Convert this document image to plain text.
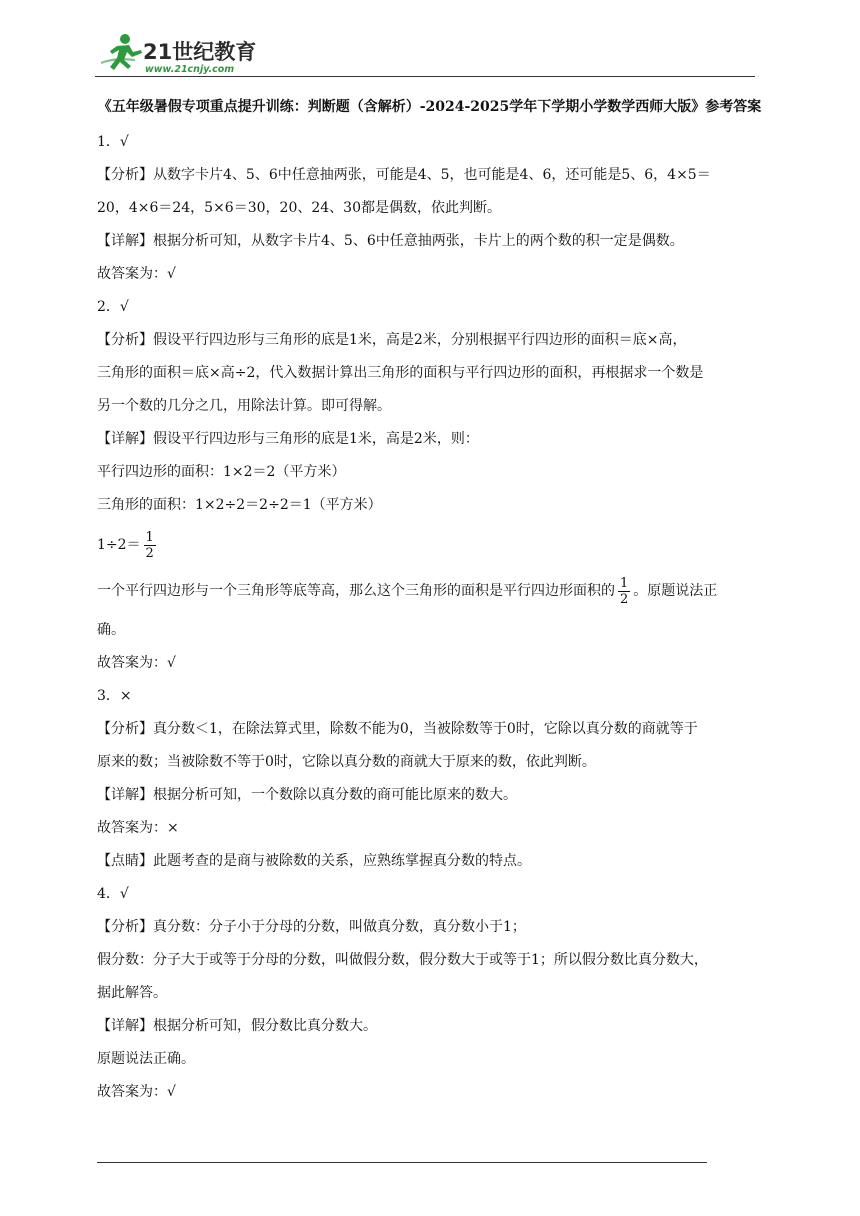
21世纪教育
www.21cnjy.com
《五年级暑假专项重点提升训练：判断题（含解析）-2024-2025学年下学期小学数学西师大版》参考答案
1．√
【分析】从数字卡片4、5、6中任意抽两张，可能是4、5，也可能是4、6，还可能是5、6，4×5＝
20，4×6＝24，5×6＝30，20、24、30都是偶数，依此判断。
【详解】根据分析可知，从数字卡片4、5、6中任意抽两张，卡片上的两个数的积一定是偶数。
故答案为：√
2．√
【分析】假设平行四边形与三角形的底是1米，高是2米，分别根据平行四边形的面积＝底×高，
三角形的面积＝底×高÷2，代入数据计算出三角形的面积与平行四边形的面积，再根据求一个数是
另一个数的几分之几，用除法计算。即可得解。
【详解】假设平行四边形与三角形的底是1米，高是2米，则：
平行四边形的面积：1×2＝2（平方米）
三角形的面积：1×2÷2＝2÷2＝1（平方米）
$1\div 2= \frac{1}{2}$
一个平行四边形与一个三角形等底等高，那么这个三角形的面积是平行四边形面积的 $\frac{1}{2}$ 。原题说法正
确。
故答案为：√
3．×
【分析】真分数＜1，在除法算式里，除数不能为0，当被除数等于0时，它除以真分数的商就等于
原来的数；当被除数不等于0时，它除以真分数的商就大于原来的数，依此判断。
【详解】根据分析可知，一个数除以真分数的商可能比原来的数大。
故答案为：×
【点睛】此题考查的是商与被除数的关系，应熟练掌握真分数的特点。
4．√
【分析】真分数：分子小于分母的分数，叫做真分数，真分数小于1；
假分数：分子大于或等于分母的分数，叫做假分数，假分数大于或等于1；所以假分数比真分数大，
据此解答。
【详解】根据分析可知，假分数比真分数大。
原题说法正确。
故答案为：√
